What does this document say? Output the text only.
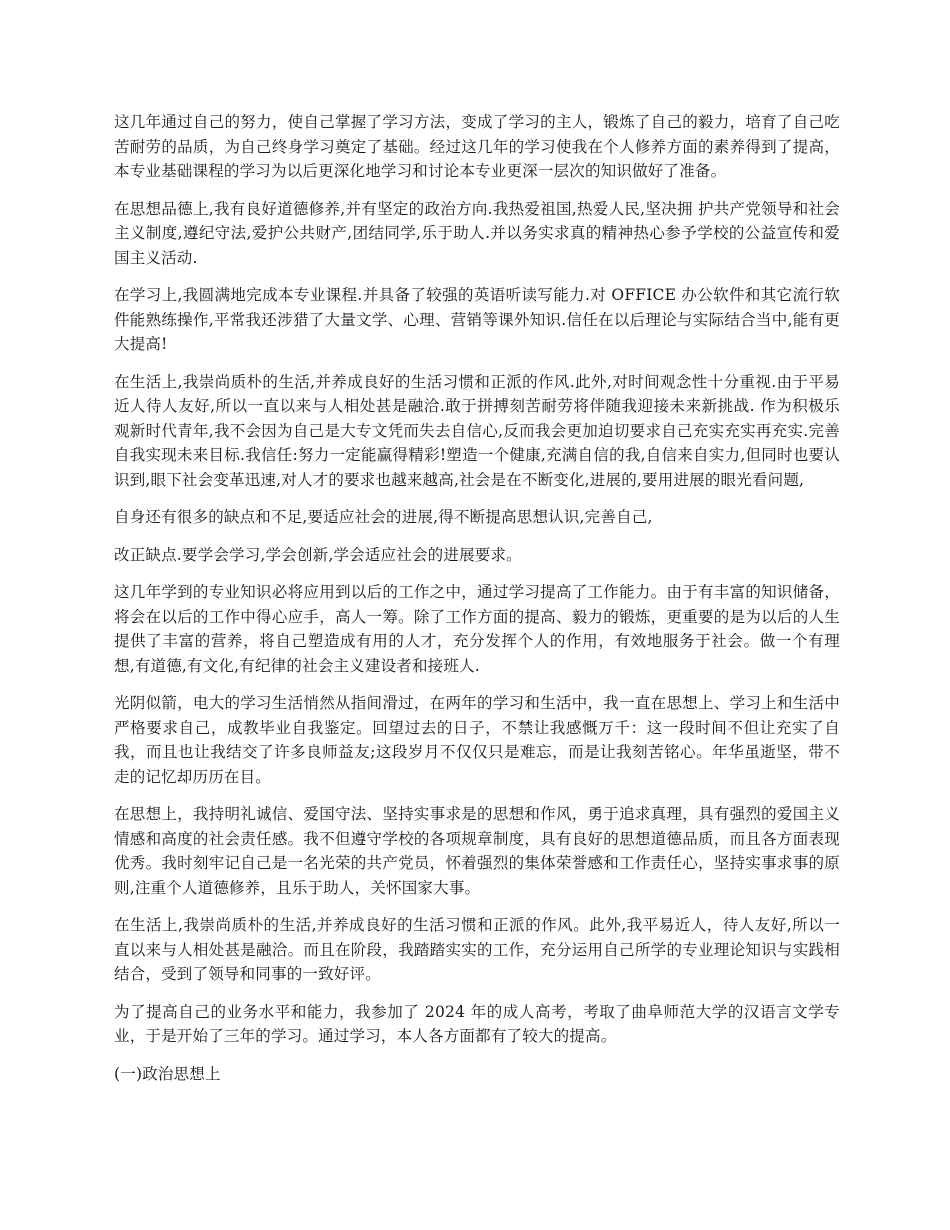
这几年通过自己的努力，使自己掌握了学习方法，变成了学习的主人，锻炼了自己的毅力，培育了自己吃苦耐劳的品质，为自己终身学习奠定了基础。经过这几年的学习使我在个人修养方面的素养得到了提高，本专业基础课程的学习为以后更深化地学习和讨论本专业更深一层次的知识做好了准备。

在思想品德上,我有良好道德修养,并有坚定的政治方向.我热爱祖国,热爱人民,坚决拥 护共产党领导和社会主义制度,遵纪守法,爱护公共财产,团结同学,乐于助人.并以务实求真的精神热心参予学校的公益宣传和爱国主义活动.

在学习上,我圆满地完成本专业课程.并具备了较强的英语听读写能力.对 OFFICE 办公软件和其它流行软件能熟练操作,平常我还涉猎了大量文学、心理、营销等课外知识.信任在以后理论与实际结合当中,能有更大提高!

在生活上,我崇尚质朴的生活,并养成良好的生活习惯和正派的作风.此外,对时间观念性十分重视.由于平易近人待人友好,所以一直以来与人相处甚是融洽.敢于拼搏刻苦耐劳将伴随我迎接未来新挑战. 作为积极乐观新时代青年,我不会因为自己是大专文凭而失去自信心,反而我会更加迫切要求自己充实充实再充实.完善自我实现未来目标.我信任:努力一定能赢得精彩!塑造一个健康,充满自信的我,自信来自实力,但同时也要认识到,眼下社会变革迅速,对人才的要求也越来越高,社会是在不断变化,进展的,要用进展的眼光看问题,

自身还有很多的缺点和不足,要适应社会的进展,得不断提高思想认识,完善自己,

改正缺点.要学会学习,学会创新,学会适应社会的进展要求。

这几年学到的专业知识必将应用到以后的工作之中，通过学习提高了工作能力。由于有丰富的知识储备，将会在以后的工作中得心应手，高人一筹。除了工作方面的提高、毅力的锻炼，更重要的是为以后的人生提供了丰富的营养，将自己塑造成有用的人才，充分发挥个人的作用，有效地服务于社会。做一个有理想,有道德,有文化,有纪律的社会主义建设者和接班人.

光阴似箭，电大的学习生活悄然从指间滑过，在两年的学习和生活中，我一直在思想上、学习上和生活中严格要求自己，成教毕业自我鉴定。回望过去的日子，不禁让我感慨万千：这一段时间不但让充实了自我，而且也让我结交了许多良师益友;这段岁月不仅仅只是难忘，而是让我刻苦铭心。年华虽逝坚，带不走的记忆却历历在目。

在思想上，我持明礼诚信、爱国守法、坚持实事求是的思想和作风，勇于追求真理，具有强烈的爱国主义情感和高度的社会责任感。我不但遵守学校的各项规章制度，具有良好的思想道德品质，而且各方面表现优秀。我时刻牢记自己是一名光荣的共产党员，怀着强烈的集体荣誉感和工作责任心，坚持实事求事的原则,注重个人道德修养，且乐于助人，关怀国家大事。

在生活上,我崇尚质朴的生活,并养成良好的生活习惯和正派的作风。此外,我平易近人，待人友好,所以一直以来与人相处甚是融洽。而且在阶段，我踏踏实实的工作，充分运用自己所学的专业理论知识与实践相结合，受到了领导和同事的一致好评。

为了提高自己的业务水平和能力，我参加了 2024 年的成人高考，考取了曲阜师范大学的汉语言文学专业，于是开始了三年的学习。通过学习，本人各方面都有了较大的提高。

(一)政治思想上
